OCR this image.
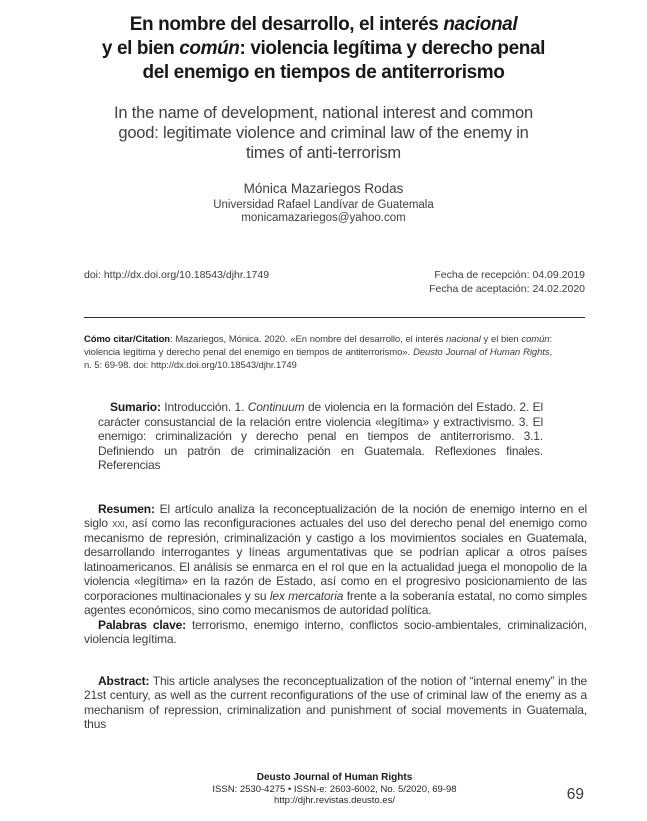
En nombre del desarrollo, el interés nacional
y el bien común: violencia legítima y derecho penal
del enemigo en tiempos de antiterrorismo
In the name of development, national interest and common
good: legitimate violence and criminal law of the enemy in
times of anti-terrorism
Mónica Mazariegos Rodas
Universidad Rafael Landívar de Guatemala
monicamazariegos@yahoo.com
doi: http://dx.doi.org/10.18543/djhr.1749	Fecha de recepción: 04.09.2019
Fecha de aceptación: 24.02.2020

Cómo citar/Citation: Mazariegos, Mónica. 2020. «En nombre del desarrollo, el interés nacional y el bien común: violencia legítima y derecho penal del enemigo en tiempos de antiterrorismo». Deusto Journal of Human Rights, n. 5: 69-98. doi: http://dx.doi.org/10.18543/djhr.1749

Sumario: Introducción. 1. Continuum de violencia en la formación del Estado. 2. El carácter consustancial de la relación entre violencia «legítima» y extractivismo. 3. El enemigo: criminalización y derecho penal en tiempos de antiterrorismo. 3.1. Definiendo un patrón de criminalización en Guatemala. Reflexiones finales. Referencias

Resumen: El artículo analiza la reconceptualización de la noción de enemigo interno en el siglo xxi, así como las reconfiguraciones actuales del uso del derecho penal del enemigo como mecanismo de represión, criminalización y castigo a los movimientos sociales en Guatemala, desarrollando interrogantes y líneas argumentativas que se podrían aplicar a otros países latinoamericanos. El análisis se enmarca en el rol que en la actualidad juega el monopolio de la violencia «legítima» en la razón de Estado, así como en el progresivo posicionamiento de las corporaciones multinacionales y su lex mercatoria frente a la soberanía estatal, no como simples agentes económicos, sino como mecanismos de autoridad política.

Palabras clave: terrorismo, enemigo interno, conflictos socio-ambientales, criminalización, violencia legítima.

Abstract: This article analyses the reconceptualization of the notion of “internal enemy” in the 21st century, as well as the current reconfigurations of the use of criminal law of the enemy as a mechanism of repression, criminalization and punishment of social movements in Guatemala, thus

Deusto Journal of Human Rights
ISSN: 2530-4275 • ISSN-e: 2603-6002, No. 5/2020, 69-98
http://djhr.revistas.deusto.es/	69
